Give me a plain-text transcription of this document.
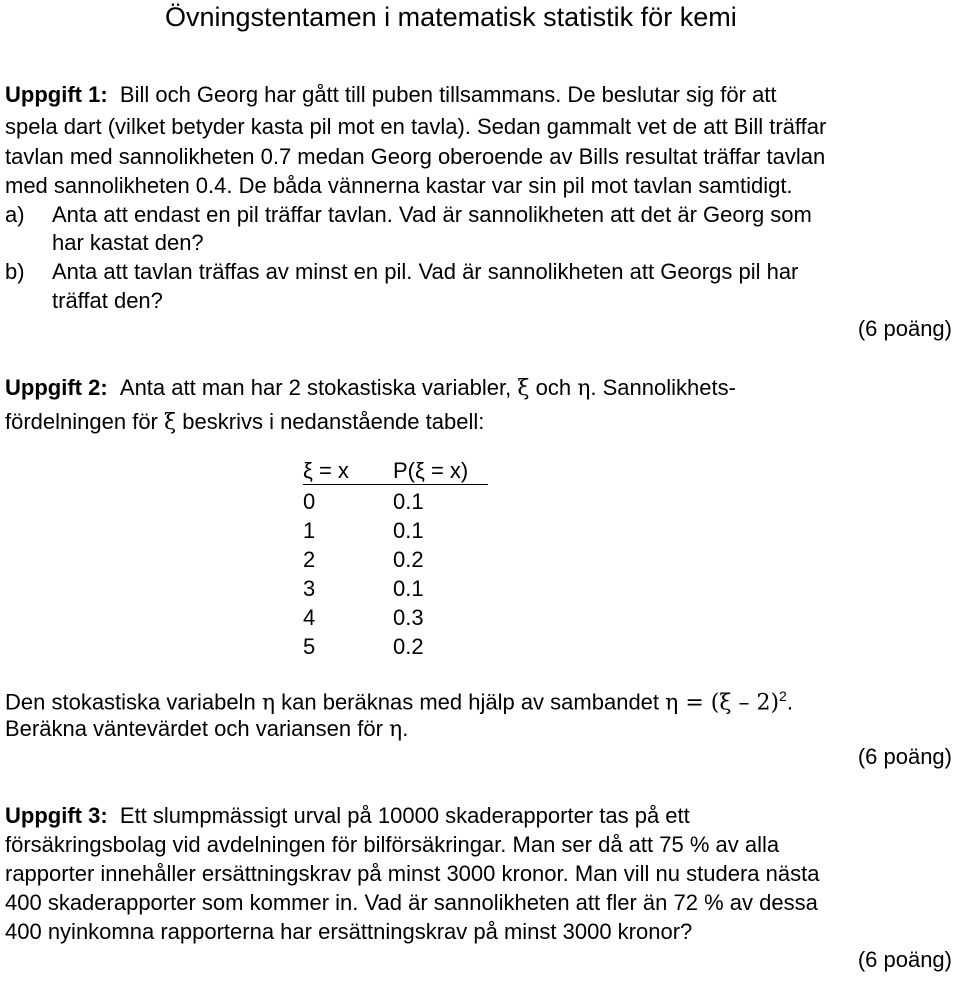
Övningstentamen i matematisk statistik för kemi
Uppgift 1: Bill och Georg har gått till puben tillsammans. De beslutar sig för att
spela dart (vilket betyder kasta pil mot en tavla). Sedan gammalt vet de att Bill träffar
tavlan med sannolikheten 0.7 medan Georg oberoende av Bills resultat träffar tavlan
med sannolikheten 0.4. De båda vännerna kastar var sin pil mot tavlan samtidigt.
a) Anta att endast en pil träffar tavlan. Vad är sannolikheten att det är Georg som
har kastat den?
b) Anta att tavlan träffas av minst en pil. Vad är sannolikheten att Georgs pil har
träffat den?
(6 poäng)
Uppgift 2: Anta att man har 2 stokastiska variabler, ξ och η. Sannolikhets-
fördelningen för ξ beskrivs i nedanstående tabell:
ξ = x	P(ξ = x)
0	0.1
1	0.1
2	0.2
3	0.1
4	0.3
5	0.2
Den stokastiska variabeln η kan beräknas med hjälp av sambandet η = (ξ – 2)$^2$.
Beräkna väntevärdet och variansen för η.
(6 poäng)
Uppgift 3: Ett slumpmässigt urval på 10000 skaderapporter tas på ett
försäkringsbolag vid avdelningen för bilförsäkringar. Man ser då att 75 % av alla
rapporter innehåller ersättningskrav på minst 3000 kronor. Man vill nu studera nästa
400 skaderapporter som kommer in. Vad är sannolikheten att fler än 72 % av dessa
400 nyinkomna rapporterna har ersättningskrav på minst 3000 kronor?
(6 poäng)
